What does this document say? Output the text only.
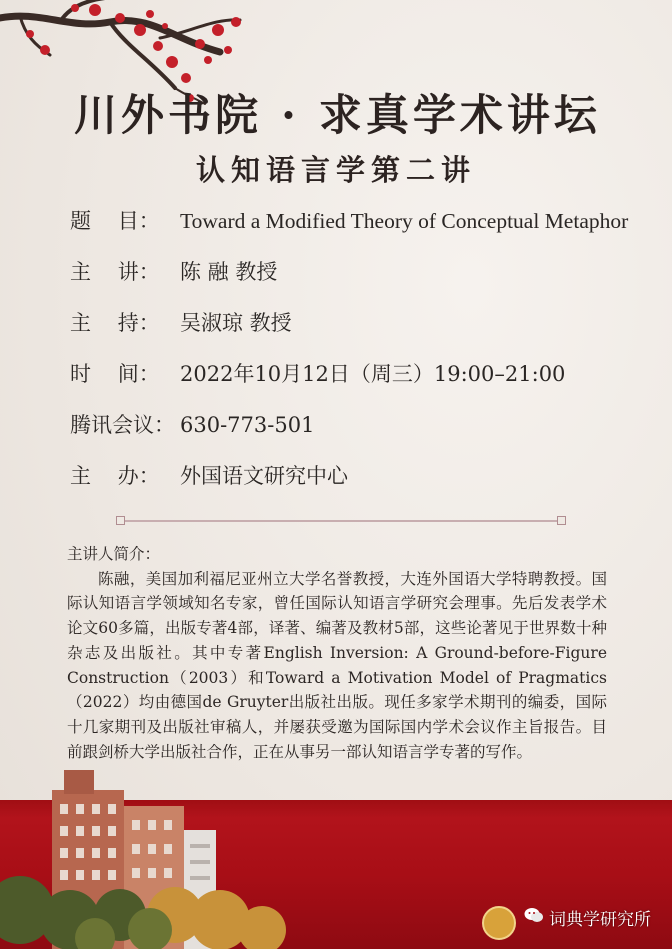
川外书院 · 求真学术讲坛
认知语言学第二讲
题    目： Toward a Modified Theory of Conceptual Metaphor
主    讲： 陈 融 教授
主    持： 吴淑琼 教授
时    间： 2022年10月12日（周三）19:00–21:00
腾讯会议： 630-773-501
主    办： 外国语文研究中心
主讲人简介：
陈融，美国加利福尼亚州立大学名誉教授，大连外国语大学特聘教授。国际认知语言学领域知名专家，曾任国际认知语言学研究会理事。先后发表学术论文60多篇，出版专著4部，译著、编著及教材5部，这些论著见于世界数十种杂志及出版社。其中专著English Inversion: A Ground-before-Figure Construction（2003）和Toward a Motivation Model of Pragmatics（2022）均由德国de Gruyter出版社出版。现任多家学术期刊的编委，国际十几家期刊及出版社审稿人，并屡获受邀为国际国内学术会议作主旨报告。目前跟剑桥大学出版社合作，正在从事另一部认知语言学专著的写作。
词典学研究所
